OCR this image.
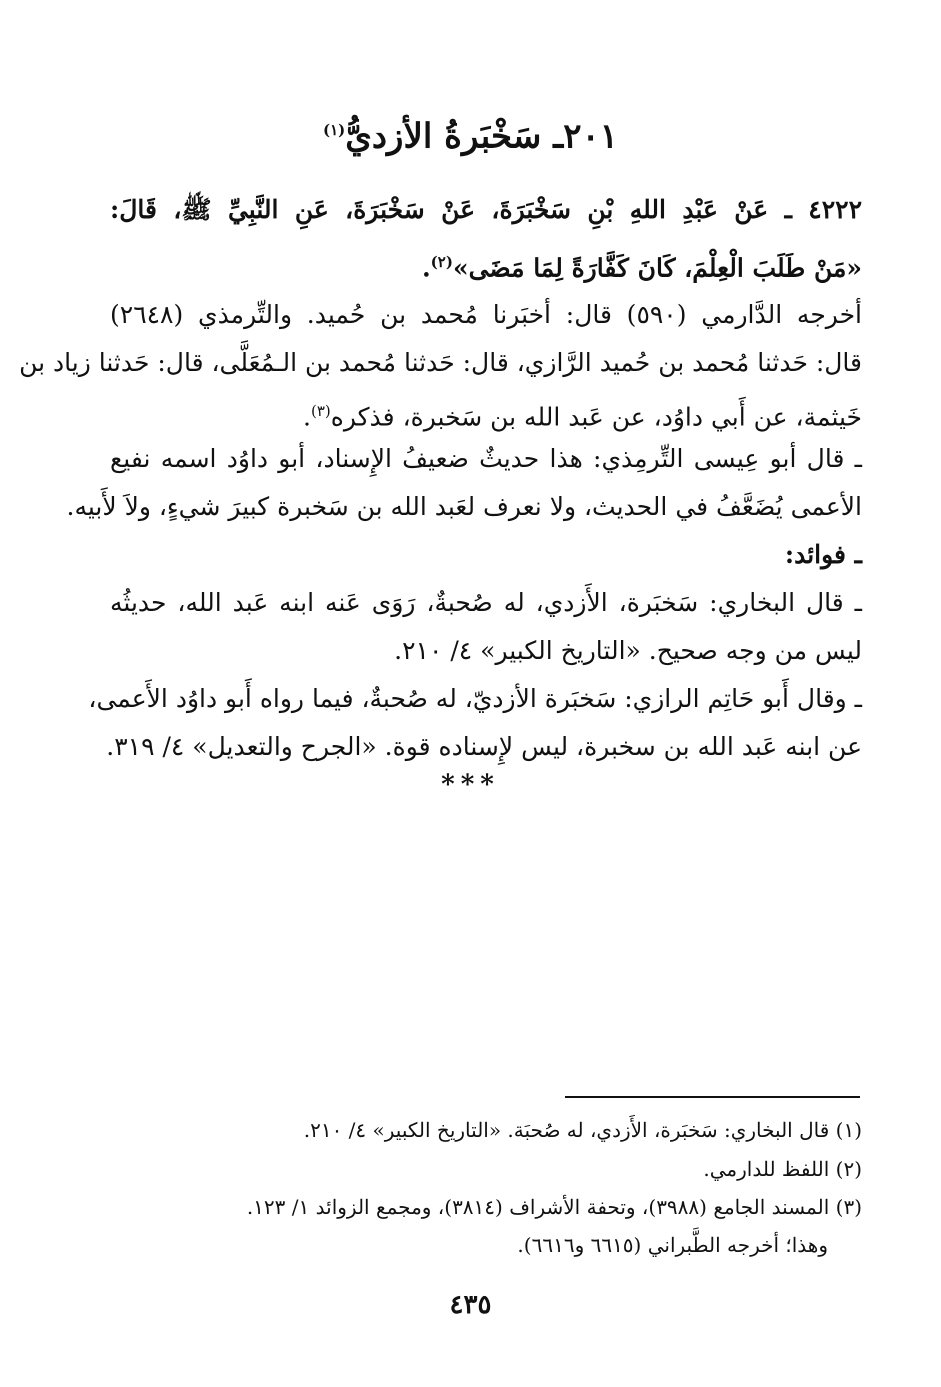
٢٠١ـ سَخْبَرةُ الأزديُّ$^{(١)}$
٤٢٢٢ ـ عَنْ عَبْدِ اللهِ بْنِ سَخْبَرَةَ، عَنْ سَخْبَرَةَ، عَنِ النَّبِيِّ ﷺ، قَالَ:
«مَنْ طَلَبَ الْعِلْمَ، كَانَ كَفَّارَةً لِمَا مَضَى»$^{(٢)}$.
أخرجه الدَّارمي (٥٩٠) قال: أخبَرنا مُحمد بن حُميد. والتِّرمذي (٢٦٤٨)
قال: حَدثنا مُحمد بن حُميد الرَّازي، قال: حَدثنا مُحمد بن الـمُعَلَّى، قال: حَدثنا زياد بن
خَيثمة، عن أَبي داوُد، عن عَبد الله بن سَخبرة، فذكره$^{(٣)}$.
ـ قال أبو عِيسى التِّرمِذي: هذا حديثٌ ضعيفُ الإِسناد، أبو داوُد اسمه نفيع
الأعمى يُضَعَّفُ في الحديث، ولا نعرف لعَبد الله بن سَخبرة كبيرَ شيءٍ، ولاَ لأَبيه.
ـ فوائد:
ـ قال البخاري: سَخبَرة، الأَزدي، له صُحبةٌ، رَوَى عَنه ابنه عَبد الله، حديثُه
ليس من وجه صحيح. «التاريخ الكبير» ٤/ ٢١٠.
ـ وقال أَبو حَاتِم الرازي: سَخبَرة الأزديّ، له صُحبةٌ، فيما رواه أَبو داوُد الأَعمى،
عن ابنه عَبد الله بن سخبرة، ليس لإِسناده قوة. «الجرح والتعديل» ٤/ ٣١٩.
***
(١) قال البخاري: سَخبَرة، الأَزدي، له صُحبَة. «التاريخ الكبير» ٤/ ٢١٠.
(٢) اللفظ للدارمي.
(٣) المسند الجامع (٣٩٨٨)، وتحفة الأشراف (٣٨١٤)، ومجمع الزوائد ١/ ١٢٣.
وهذا؛ أخرجه الطَّبراني (٦٦١٥ و٦٦١٦).
٤٣٥
